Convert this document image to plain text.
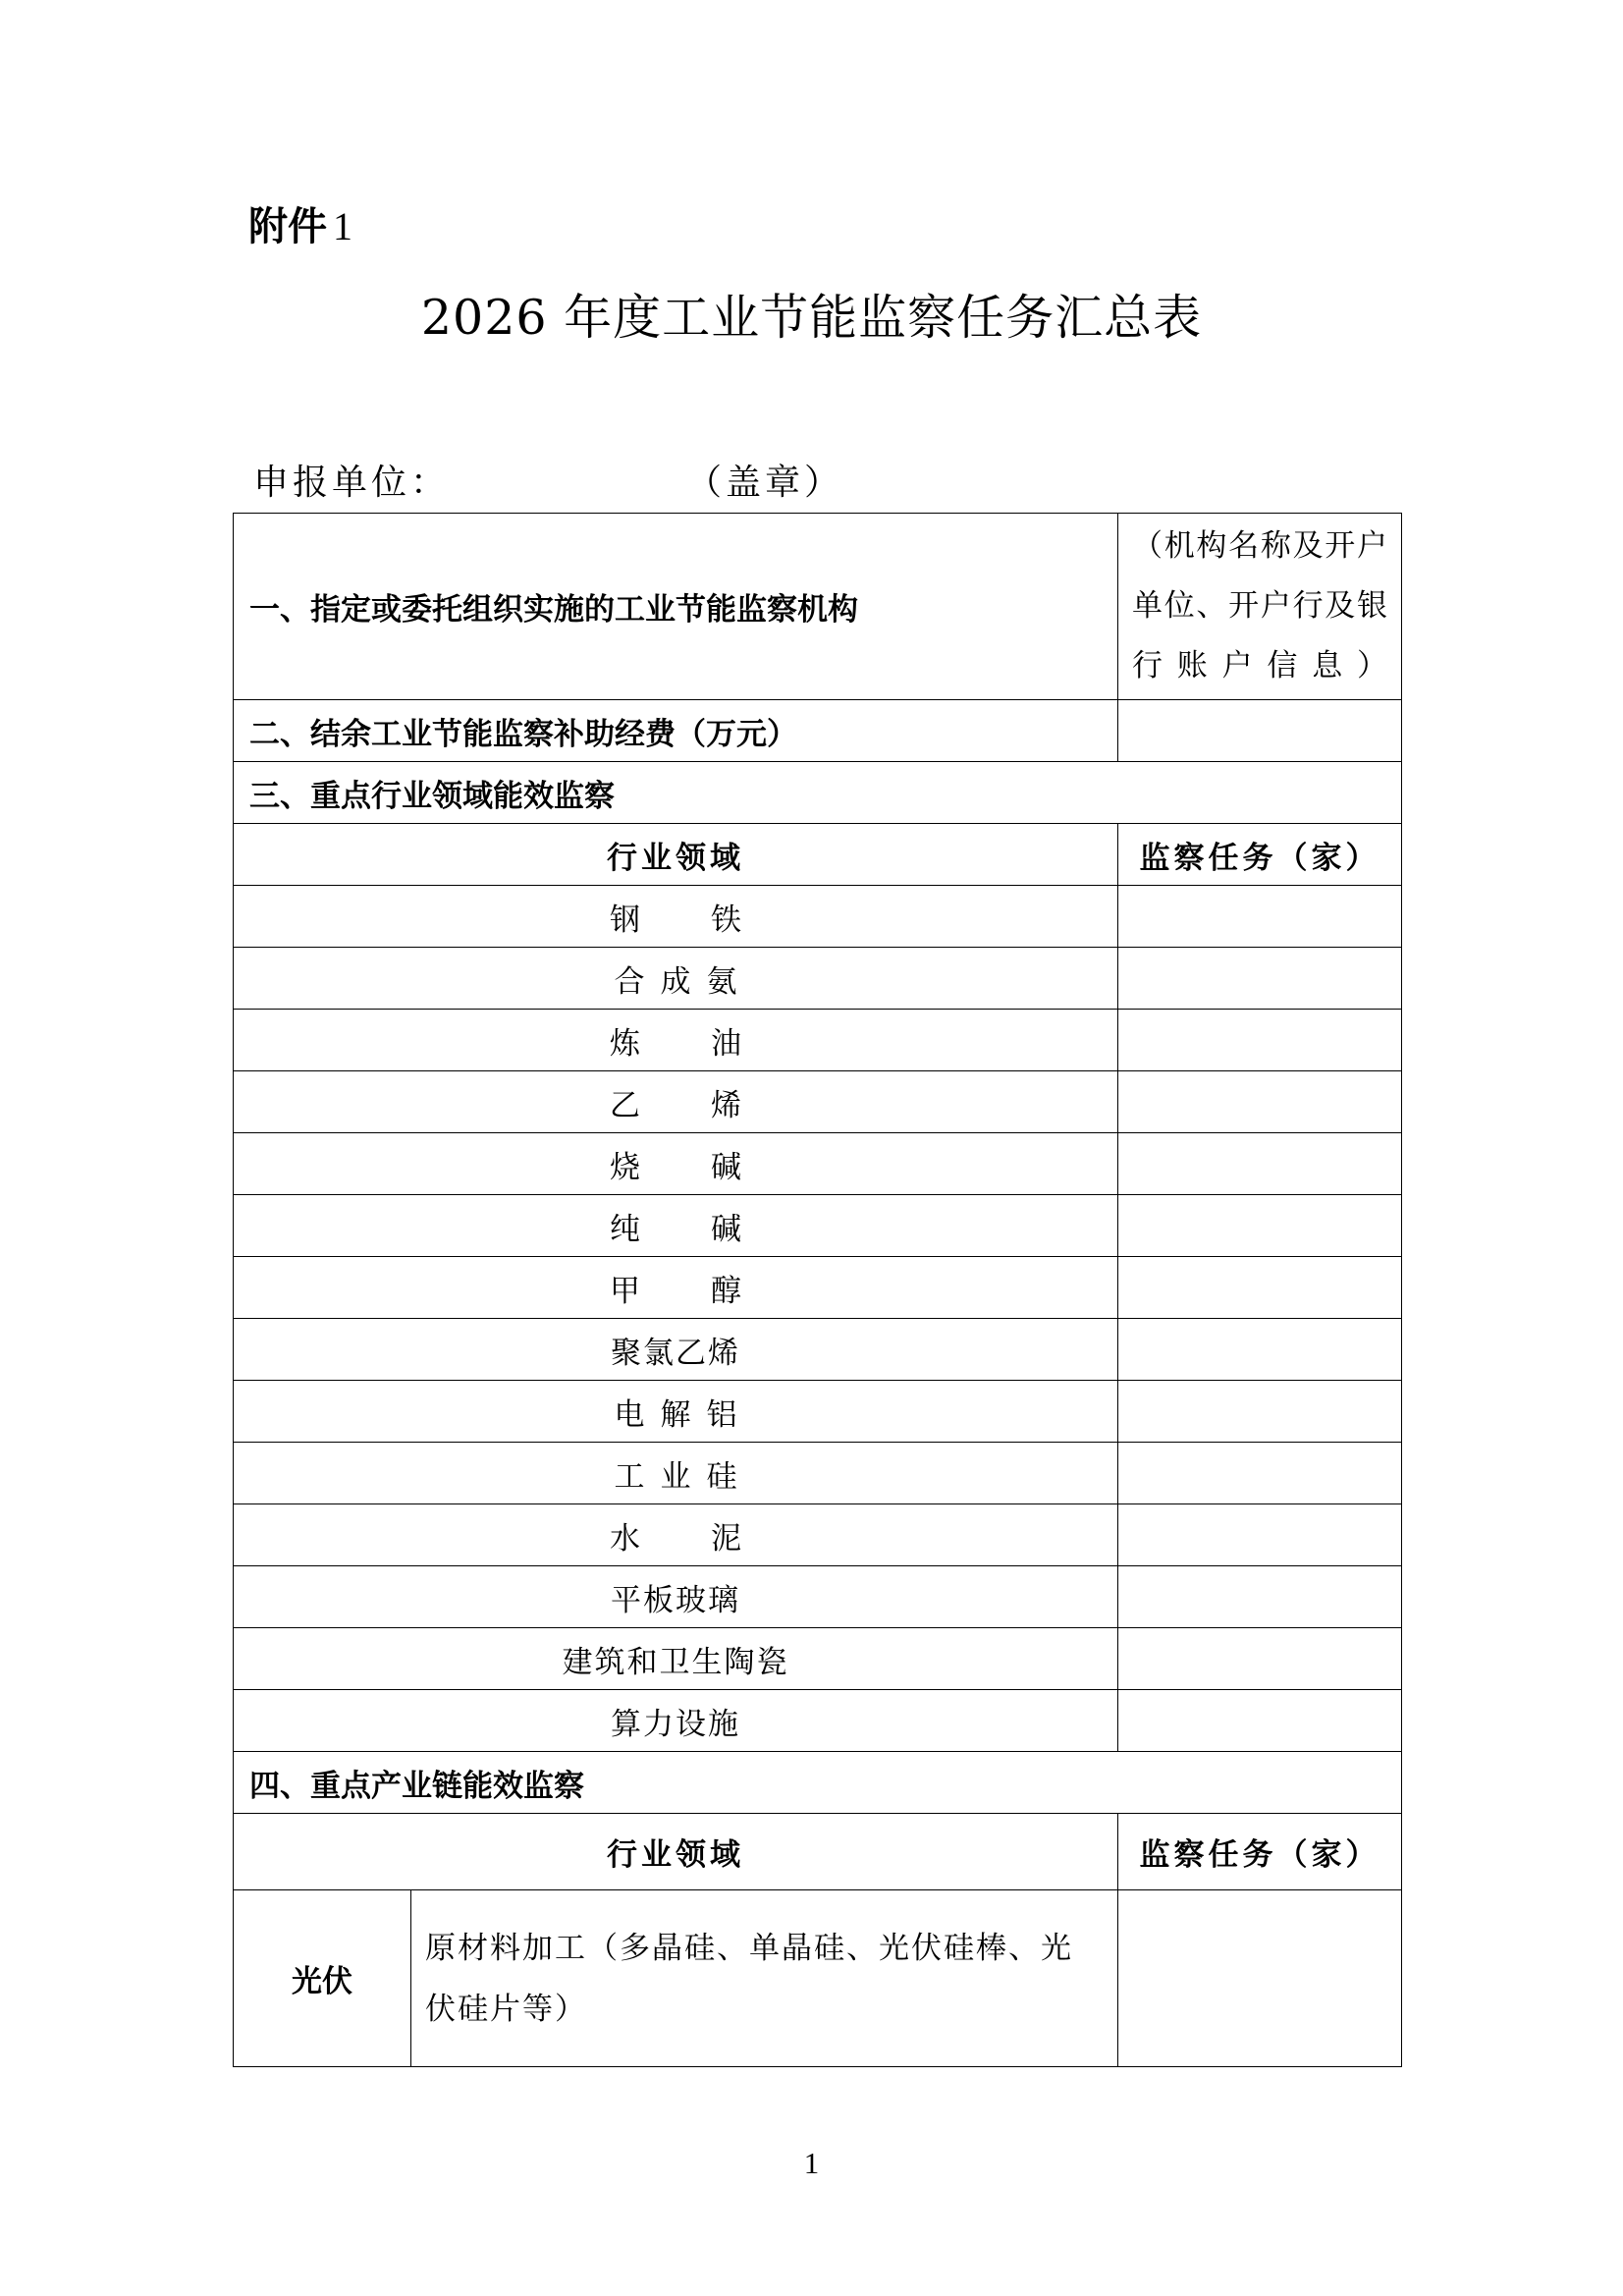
附件 1
2026 年度工业节能监察任务汇总表
申报单位：	（盖章）
一、指定或委托组织实施的工业节能监察机构		（机构名称及开户单位、开户行及银行账户信息）
二、结余工业节能监察补助经费（万元）		
三、重点行业领域能效监察		
行业领域		监察任务（家）
钢铁		
合成氨		
炼油		
乙烯		
烧碱		
纯碱		
甲醇		
聚氯乙烯		
电解铝		
工业硅		
水泥		
平板玻璃		
建筑和卫生陶瓷		
算力设施		
四、重点产业链能效监察		
行业领域		监察任务（家）
光伏	原材料加工（多晶硅、单晶硅、光伏硅棒、光伏硅片等）	
1
